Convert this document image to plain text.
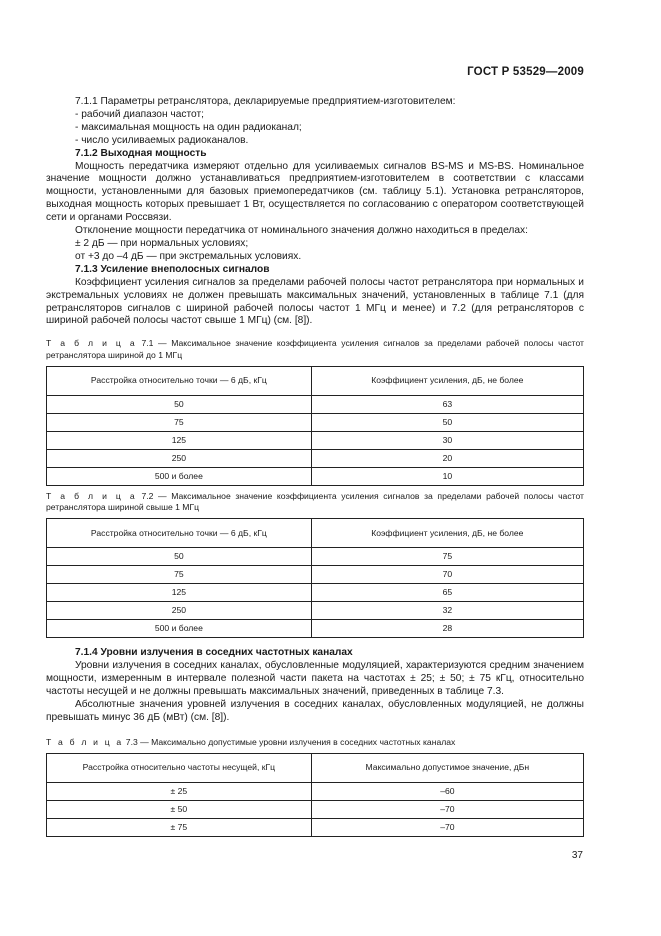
ГОСТ Р 53529—2009

7.1.1 Параметры ретранслятора, декларируемые предприятием-изготовителем:

- рабочий диапазон частот;

- максимальная мощность на один радиоканал;

- число усиливаемых радиоканалов.

7.1.2 Выходная мощность

Мощность передатчика измеряют отдельно для усиливаемых сигналов BS-MS и MS-BS. Номинальное значение мощности должно устанавливаться предприятием-изготовителем в соответствии с классами мощности, установленными для базовых приемопередатчиков (см. таблицу 5.1). Установка ретрансляторов, выходная мощность которых превышает 1 Вт, осуществляется по согласованию с оператором соответствующей сети и органами Россвязи.

Отклонение мощности передатчика от номинального значения должно находиться в пределах:

± 2 дБ — при нормальных условиях;

от +3 до –4 дБ — при экстремальных условиях.

7.1.3 Усиление внеполосных сигналов

Коэффициент усиления сигналов за пределами рабочей полосы частот ретранслятора при нормальных и экстремальных условиях не должен превышать максимальных значений, установленных в таблице 7.1 (для ретрансляторов сигналов с шириной рабочей полосы частот 1 МГц и менее) и 7.2 (для ретрансляторов с шириной рабочей полосы частот свыше 1 МГц) (см. [8]).

Т а б л и ц а 7.1 — Максимальное значение коэффициента усиления сигналов за пределами рабочей полосы частот ретранслятора шириной до 1 МГц
Расстройка относительно точки — 6 дБ, кГц	Коэффициент усиления, дБ, не более
50	63
75	50
125	30
250	20
500 и более	10
Т а б л и ц а 7.2 — Максимальное значение коэффициента усиления сигналов за пределами рабочей полосы частот ретранслятора шириной свыше 1 МГц
Расстройка относительно точки — 6 дБ, кГц	Коэффициент усиления, дБ, не более
50	75
75	70
125	65
250	32
500 и более	28

7.1.4 Уровни излучения в соседних частотных каналах

Уровни излучения в соседних каналах, обусловленные модуляцией, характеризуются средним значением мощности, измеренным в интервале полезной части пакета на частотах ± 25; ± 50; ± 75 кГц, относительно частоты несущей и не должны превышать максимальных значений, приведенных в таблице 7.3.

Абсолютные значения уровней излучения в соседних каналах, обусловленных модуляцией, не должны превышать минус 36 дБ (мВт) (см. [8]).

Т а б л и ц а 7.3 — Максимально допустимые уровни излучения в соседних частотных каналах
Расстройка относительно частоты несущей, кГц	Максимально допустимое значение, дБн
± 25	–60
± 50	–70
± 75	–70
37
